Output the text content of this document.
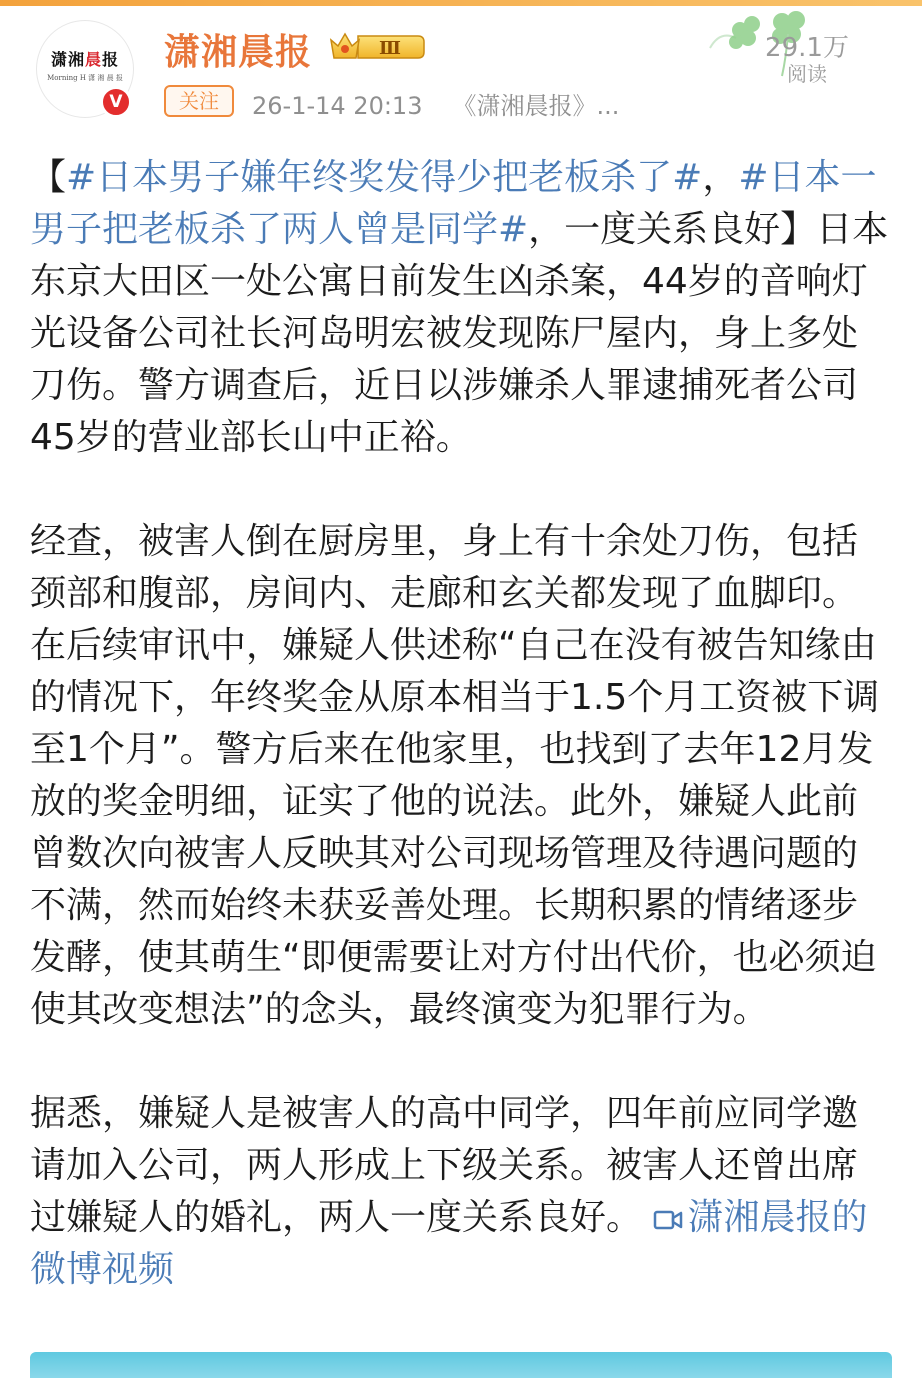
潇湘晨报
Morning H 潇 湘 晨 报
V
潇湘晨报	Ⅲ
关注	26-1-14 20:13 《潇湘晨报》...
29.1万
阅读

【#日本男子嫌年终奖发得少把老板杀了#，#日本一男子把老板杀了两人曾是同学#，一度关系良好】日本东京大田区一处公寓日前发生凶杀案，44岁的音响灯光设备公司社长河岛明宏被发现陈尸屋内，身上多处刀伤。警方调查后，近日以涉嫌杀人罪逮捕死者公司45岁的营业部长山中正裕。

经查，被害人倒在厨房里，身上有十余处刀伤，包括颈部和腹部，房间内、走廊和玄关都发现了血脚印。在后续审讯中，嫌疑人供述称“自己在没有被告知缘由的情况下，年终奖金从原本相当于1.5个月工资被下调至1个月”。警方后来在他家里，也找到了去年12月发放的奖金明细，证实了他的说法。此外，嫌疑人此前曾数次向被害人反映其对公司现场管理及待遇问题的不满，然而始终未获妥善处理。长期积累的情绪逐步发酵，使其萌生“即便需要让对方付出代价，也必须迫使其改变想法”的念头，最终演变为犯罪行为。

据悉，嫌疑人是被害人的高中同学，四年前应同学邀请加入公司，两人形成上下级关系。被害人还曾出席过嫌疑人的婚礼，两人一度关系良好。 潇湘晨报的微博视频
